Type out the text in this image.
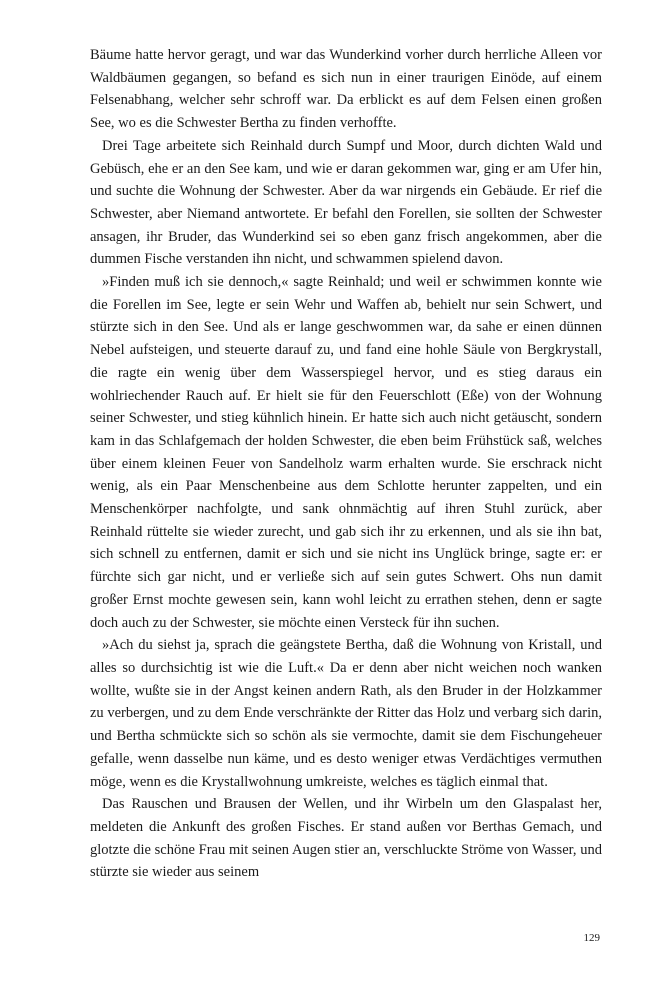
Bäume hatte hervor geragt, und war das Wunderkind vorher durch herrliche Alleen vor Waldbäumen gegangen, so befand es sich nun in einer traurigen Einöde, auf einem Felsenabhang, welcher sehr schroff war. Da erblickt es auf dem Felsen einen großen See, wo es die Schwester Bertha zu finden verhoffte.

Drei Tage arbeitete sich Reinhald durch Sumpf und Moor, durch dichten Wald und Gebüsch, ehe er an den See kam, und wie er daran gekommen war, ging er am Ufer hin, und suchte die Wohnung der Schwester. Aber da war nirgends ein Gebäude. Er rief die Schwester, aber Niemand antwortete. Er befahl den Forellen, sie sollten der Schwester ansagen, ihr Bruder, das Wunderkind sei so eben ganz frisch angekommen, aber die dummen Fische verstanden ihn nicht, und schwammen spielend davon.

»Finden muß ich sie dennoch,« sagte Reinhald; und weil er schwimmen konnte wie die Forellen im See, legte er sein Wehr und Waffen ab, behielt nur sein Schwert, und stürzte sich in den See. Und als er lange geschwommen war, da sahe er einen dünnen Nebel aufsteigen, und steuerte darauf zu, und fand eine hohle Säule von Bergkrystall, die ragte ein wenig über dem Wasserspiegel hervor, und es stieg daraus ein wohlriechender Rauch auf. Er hielt sie für den Feuerschlott (Eße) von der Wohnung seiner Schwester, und stieg kühnlich hinein. Er hatte sich auch nicht getäuscht, sondern kam in das Schlafgemach der holden Schwester, die eben beim Frühstück saß, welches über einem kleinen Feuer von Sandelholz warm erhalten wurde. Sie erschrack nicht wenig, als ein Paar Menschenbeine aus dem Schlotte herunter zappelten, und ein Menschenkörper nachfolgte, und sank ohnmächtig auf ihren Stuhl zurück, aber Reinhald rüttelte sie wieder zurecht, und gab sich ihr zu erkennen, und als sie ihn bat, sich schnell zu entfernen, damit er sich und sie nicht ins Unglück bringe, sagte er: er fürchte sich gar nicht, und er verließe sich auf sein gutes Schwert. Ohs nun damit großer Ernst mochte gewesen sein, kann wohl leicht zu errathen stehen, denn er sagte doch auch zu der Schwester, sie möchte einen Versteck für ihn suchen.

»Ach du siehst ja, sprach die geängstete Bertha, daß die Wohnung von Kristall, und alles so durchsichtig ist wie die Luft.« Da er denn aber nicht weichen noch wanken wollte, wußte sie in der Angst keinen andern Rath, als den Bruder in der Holzkammer zu verbergen, und zu dem Ende verschränkte der Ritter das Holz und verbarg sich darin, und Bertha schmückte sich so schön als sie vermochte, damit sie dem Fischungeheuer gefalle, wenn dasselbe nun käme, und es desto weniger etwas Verdächtiges vermuthen möge, wenn es die Krystallwohnung umkreiste, welches es täglich einmal that.

Das Rauschen und Brausen der Wellen, und ihr Wirbeln um den Glaspalast her, meldeten die Ankunft des großen Fisches. Er stand außen vor Berthas Gemach, und glotzte die schöne Frau mit seinen Augen stier an, verschluckte Ströme von Wasser, und stürzte sie wieder aus seinem

129
